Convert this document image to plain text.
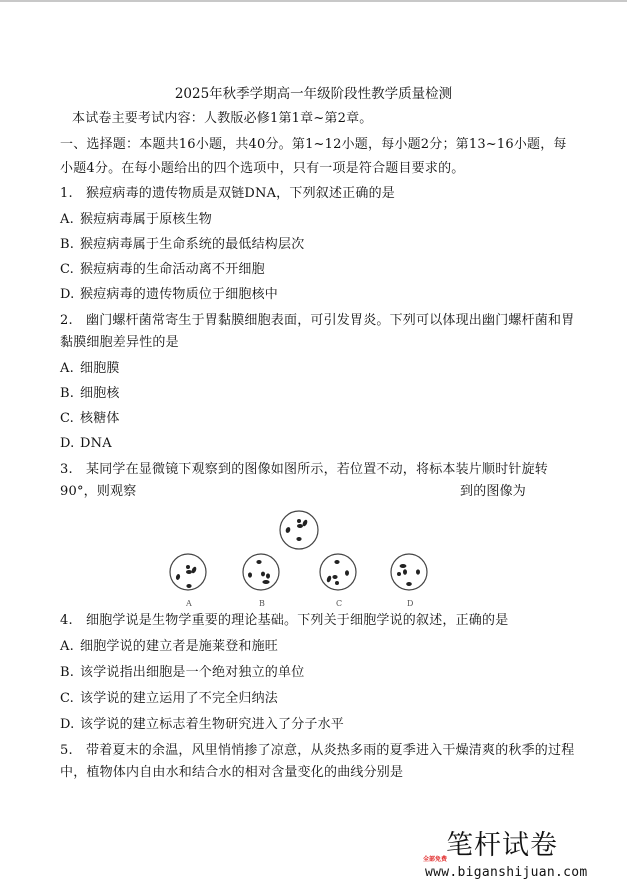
2025年秋季学期高一年级阶段性教学质量检测
本试卷主要考试内容：人教版必修1第1章~第2章。
一、选择题：本题共16小题，共40分。第1~12小题，每小题2分；第13~16小题，每
小题4分。在每小题给出的四个选项中，只有一项是符合题目要求的。
1. 猴痘病毒的遗传物质是双链DNA，下列叙述正确的是
A. 猴痘病毒属于原核生物
B. 猴痘病毒属于生命系统的最低结构层次
C. 猴痘病毒的生命活动离不开细胞
D. 猴痘病毒的遗传物质位于细胞核中
2. 幽门螺杆菌常寄生于胃黏膜细胞表面，可引发胃炎。下列可以体现出幽门螺杆菌和胃
黏膜细胞差异性的是
A. 细胞膜
B. 细胞核
C. 核糖体
D. DNA
3. 某同学在显微镜下观察到的图像如图所示，若位置不动，将标本装片顺时针旋转
90°，则观察	到的图像为
A	B	C	D
4. 细胞学说是生物学重要的理论基础。下列关于细胞学说的叙述，正确的是
A. 细胞学说的建立者是施莱登和施旺
B. 该学说指出细胞是一个绝对独立的单位
C. 该学说的建立运用了不完全归纳法
D. 该学说的建立标志着生物研究进入了分子水平
5. 带着夏末的余温，风里悄悄掺了凉意，从炎热多雨的夏季进入干燥清爽的秋季的过程
中，植物体内自由水和结合水的相对含量变化的曲线分别是
笔杆试卷
全部免费
www.biganshijuan.com
